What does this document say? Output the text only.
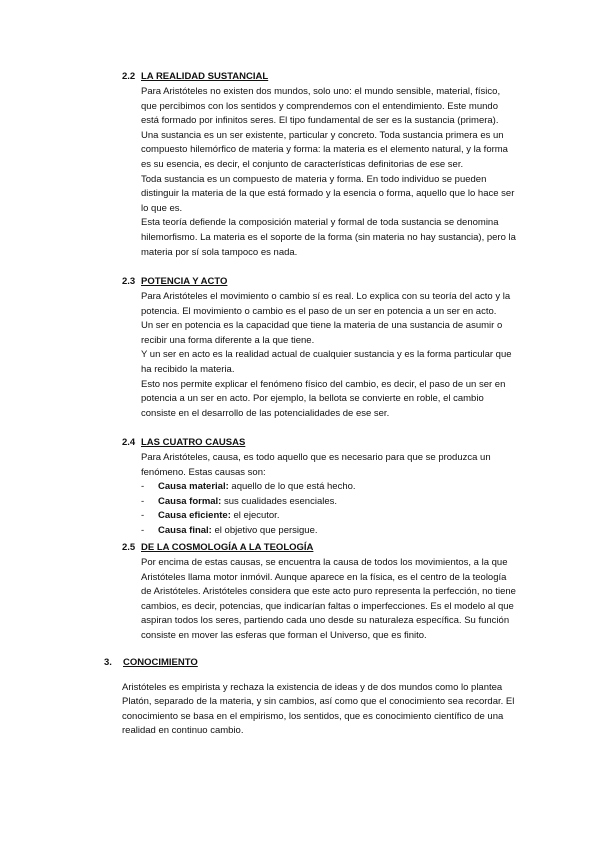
2.2 LA REALIDAD SUSTANCIAL

Para Aristóteles no existen dos mundos, solo uno: el mundo sensible, material, físico, que percibimos con los sentidos y comprendemos con el entendimiento. Este mundo está formado por infinitos seres. El tipo fundamental de ser es la sustancia (primera). Una sustancia es un ser existente, particular y concreto. Toda sustancia primera es un compuesto hilemórfico de materia y forma: la materia es el elemento natural, y la forma es su esencia, es decir, el conjunto de características definitorias de ese ser.

Toda sustancia es un compuesto de materia y forma. En todo individuo se pueden distinguir la materia de la que está formado y la esencia o forma, aquello que lo hace ser lo que es.

Esta teoría defiende la composición material y formal de toda sustancia se denomina hilemorfismo. La materia es el soporte de la forma (sin materia no hay sustancia), pero la materia por sí sola tampoco es nada.

2.3 POTENCIA Y ACTO

Para Aristóteles el movimiento o cambio sí es real. Lo explica con su teoría del acto y la potencia. El movimiento o cambio es el paso de un ser en potencia a un ser en acto.

Un ser en potencia es la capacidad que tiene la materia de una sustancia de asumir o recibir una forma diferente a la que tiene.

Y un ser en acto es la realidad actual de cualquier sustancia y es la forma particular que ha recibido la materia.

Esto nos permite explicar el fenómeno físico del cambio, es decir, el paso de un ser en potencia a un ser en acto. Por ejemplo, la bellota se convierte en roble, el cambio consiste en el desarrollo de las potencialidades de ese ser.

2.4 LAS CUATRO CAUSAS

Para Aristóteles, causa, es todo aquello que es necesario para que se produzca un fenómeno. Estas causas son:

- Causa material: aquello de lo que está hecho.
- Causa formal: sus cualidades esenciales.
- Causa eficiente: el ejecutor.
- Causa final: el objetivo que persigue.
2.5 DE LA COSMOLOGÍA A LA TEOLOGÍA

Por encima de estas causas, se encuentra la causa de todos los movimientos, a la que Aristóteles llama motor inmóvil. Aunque aparece en la física, es el centro de la teología de Aristóteles. Aristóteles considera que este acto puro representa la perfección, no tiene cambios, es decir, potencias, que indicarían faltas o imperfecciones. Es el modelo al que aspiran todos los seres, partiendo cada uno desde su naturaleza específica. Su función consiste en mover las esferas que forman el Universo, que es finito.

3. CONOCIMIENTO

Aristóteles es empirista y rechaza la existencia de ideas y de dos mundos como lo plantea Platón, separado de la materia, y sin cambios, así como que el conocimiento sea recordar. El conocimiento se basa en el empirismo, los sentidos, que es conocimiento científico de una realidad en continuo cambio.
